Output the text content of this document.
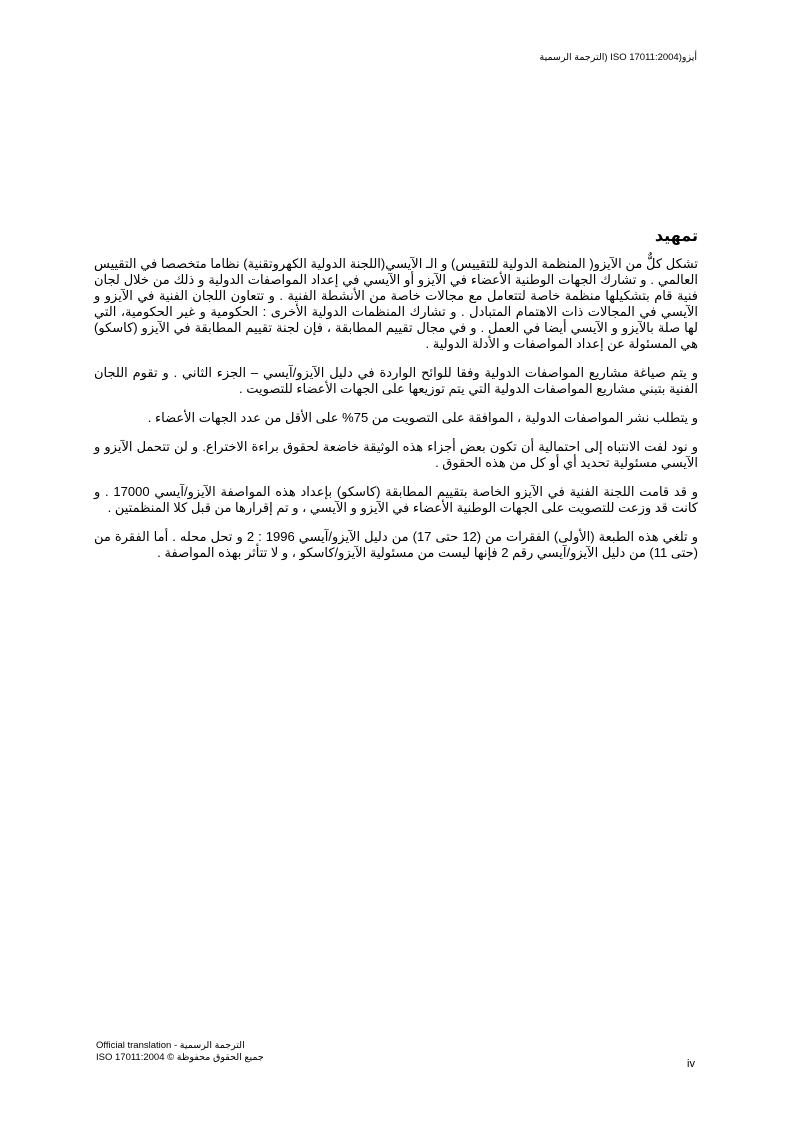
أيزو(2004:ISO 17011 (الترجمة الرسمية
تمهيد

تشكل كلٌّ من الآيزو( المنظمة الدولية للتقييس) و الـ الآيسي(اللجنة الدولية الكهروتقنية) نظاما متخصصا في التقييس العالمي . و تشارك الجهات الوطنية الأعضاء في الآيزو أو الآيسي في إعداد المواصفات الدولية و ذلك من خلال لجان فنية قام بتشكيلها منظمة خاصة لتتعامل مع مجالات خاصة من الأنشطة الفنية . و تتعاون اللجان الفنية في الآيزو و الآيسي في المجالات ذات الاهتمام المتبادل . و تشارك المنظمات الدولية الأخرى : الحكومية و غير الحكومية، التي لها صلة بالآيزو و الآيسي أيضا في العمل . و في مجال تقييم المطابقة ، فإن لجنة تقييم المطابقة في الآيزو (كاسكو) هي المسئولة عن إعداد المواصفات و الأدلة الدولية .

و يتم صياغة مشاريع المواصفات الدولية وفقا للوائح الواردة في دليل الآيزو/آيسي – الجزء الثاني . و تقوم اللجان الفنية بتبني مشاريع المواصفات الدولية التي يتم توزيعها على الجهات الأعضاء للتصويت .

و يتطلب نشر المواصفات الدولية ، الموافقة على التصويت من 75% على الأقل من عدد الجهات الأعضاء .

و نود لفت الانتباه إلى احتمالية أن تكون بعض أجزاء هذه الوثيقة خاضعة لحقوق براءة الاختراع. و لن تتحمل الآيزو و الآيسي مسئولية تحديد أي أو كل من هذه الحقوق .

و قد قامت اللجنة الفنية في الآيزو الخاصة بتقييم المطابقة (كاسكو) بإعداد هذه المواصفة الآيزو/آيسي 17000 . و كانت قد وزعت للتصويت على الجهات الوطنية الأعضاء في الآيزو و الآيسي ، و تم إقرارها من قبل كلا المنظمتين .

و تلغي هذه الطبعة (الأولى) الفقرات من (12 حتى 17) من دليل الآيزو/آيسي 1996 : 2 و تحل محله . أما الفقرة من (حتى 11) من دليل الآيزو/آيسي رقم 2 فإنها ليست من مسئولية الآيزو/كاسكو ، و لا تتأثر بهذه المواصفة .

Official translation - الترجمة الرسمية
ISO 17011:2004 © جميع الحقوق محفوظة
iv
